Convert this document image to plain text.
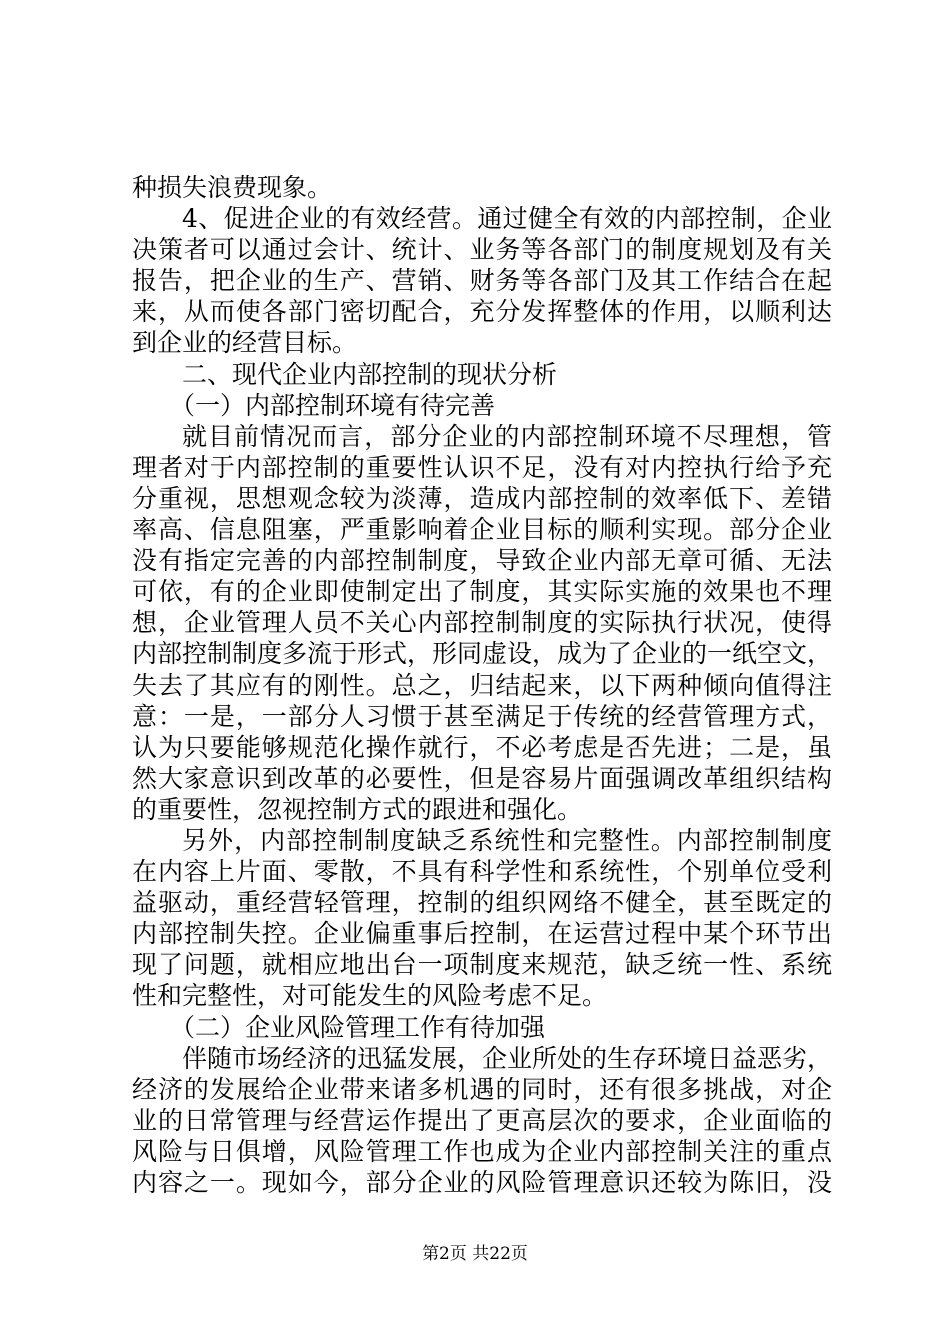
种损失浪费现象。
4、促进企业的有效经营。通过健全有效的内部控制，企业
决策者可以通过会计、统计、业务等各部门的制度规划及有关
报告，把企业的生产、营销、财务等各部门及其工作结合在起
来，从而使各部门密切配合，充分发挥整体的作用，以顺利达
到企业的经营目标。
二、现代企业内部控制的现状分析
（一）内部控制环境有待完善
就目前情况而言，部分企业的内部控制环境不尽理想，管
理者对于内部控制的重要性认识不足，没有对内控执行给予充
分重视，思想观念较为淡薄，造成内部控制的效率低下、差错
率高、信息阻塞，严重影响着企业目标的顺利实现。部分企业
没有指定完善的内部控制制度，导致企业内部无章可循、无法
可依，有的企业即使制定出了制度，其实际实施的效果也不理
想，企业管理人员不关心内部控制制度的实际执行状况，使得
内部控制制度多流于形式，形同虚设，成为了企业的一纸空文，
失去了其应有的刚性。总之，归结起来，以下两种倾向值得注
意：一是，一部分人习惯于甚至满足于传统的经营管理方式，
认为只要能够规范化操作就行，不必考虑是否先进；二是，虽
然大家意识到改革的必要性，但是容易片面强调改革组织结构
的重要性，忽视控制方式的跟进和强化。
另外，内部控制制度缺乏系统性和完整性。内部控制制度
在内容上片面、零散，不具有科学性和系统性，个别单位受利
益驱动，重经营轻管理，控制的组织网络不健全，甚至既定的
内部控制失控。企业偏重事后控制，在运营过程中某个环节出
现了问题，就相应地出台一项制度来规范，缺乏统一性、系统
性和完整性，对可能发生的风险考虑不足。
（二）企业风险管理工作有待加强
伴随市场经济的迅猛发展，企业所处的生存环境日益恶劣，
经济的发展给企业带来诸多机遇的同时，还有很多挑战，对企
业的日常管理与经营运作提出了更高层次的要求，企业面临的
风险与日俱增，风险管理工作也成为企业内部控制关注的重点
内容之一。现如今，部分企业的风险管理意识还较为陈旧，没
第2页 共22页
